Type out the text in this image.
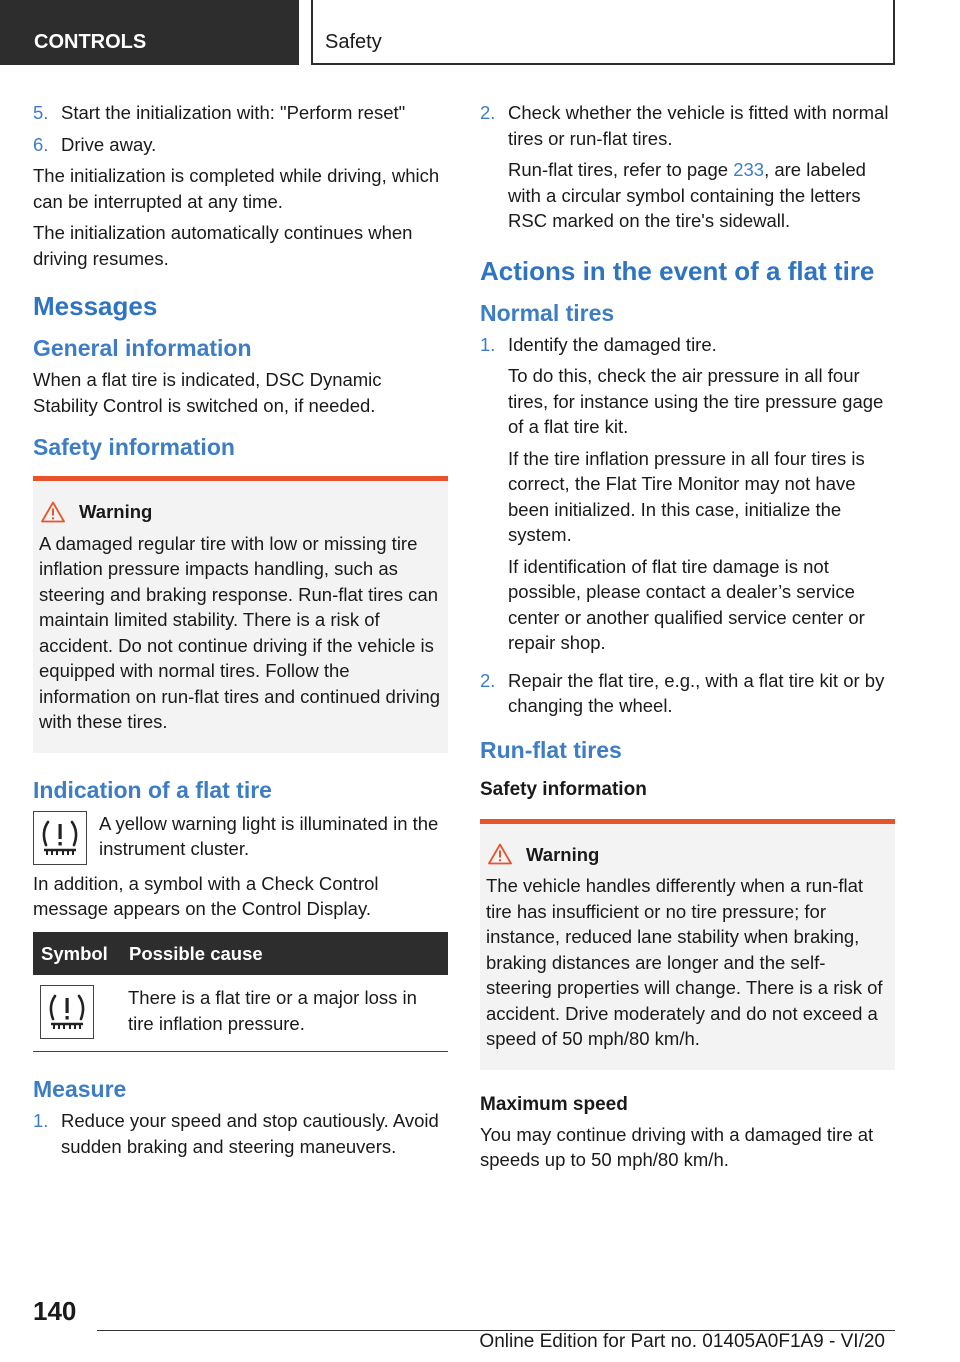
CONTROLS	Safety
5. Start the initialization with: "Perform reset"
6. Drive away.

The initialization is completed while driving, which can be interrupted at any time.

The initialization automatically continues when driving resumes.

Messages
General information

When a flat tire is indicated, DSC Dynamic Stability Control is switched on, if needed.

Safety information
Warning
A damaged regular tire with low or missing tire inflation pressure impacts handling, such as steering and braking response. Run-flat tires can maintain limited stability. There is a risk of accident. Do not continue driving if the vehicle is equipped with normal tires. Follow the information on run-flat tires and continued driving with these tires.
Indication of a flat tire
A yellow warning light is illuminated in the instrument cluster.

In addition, a symbol with a Check Control message appears on the Control Display.

Symbol	Possible cause

	There is a flat tire or a major loss in tire inflation pressure.
Measure
1. Reduce your speed and stop cautiously. Avoid sudden braking and steering maneuvers.
2. Check whether the vehicle is fitted with normal tires or run-flat tires.

Run-flat tires, refer to page 233, are labeled with a circular symbol containing the letters RSC marked on the tire's sidewall.

Actions in the event of a flat tire
Normal tires
1. Identify the damaged tire.

To do this, check the air pressure in all four tires, for instance using the tire pressure gage of a flat tire kit.

If the tire inflation pressure in all four tires is correct, the Flat Tire Monitor may not have been initialized. In this case, initialize the system.

If identification of flat tire damage is not possible, please contact a dealer’s service center or another qualified service center or repair shop.

2. Repair the flat tire, e.g., with a flat tire kit or by changing the wheel.
Run-flat tires
Safety information
Warning
The vehicle handles differently when a run-flat tire has insufficient or no tire pressure; for instance, reduced lane stability when braking, braking distances are longer and the self-steering properties will change. There is a risk of accident. Drive moderately and do not exceed a speed of 50 mph/80 km/h.
Maximum speed

You may continue driving with a damaged tire at speeds up to 50 mph/80 km/h.

140
Online Edition for Part no. 01405A0F1A9 - VI/20
